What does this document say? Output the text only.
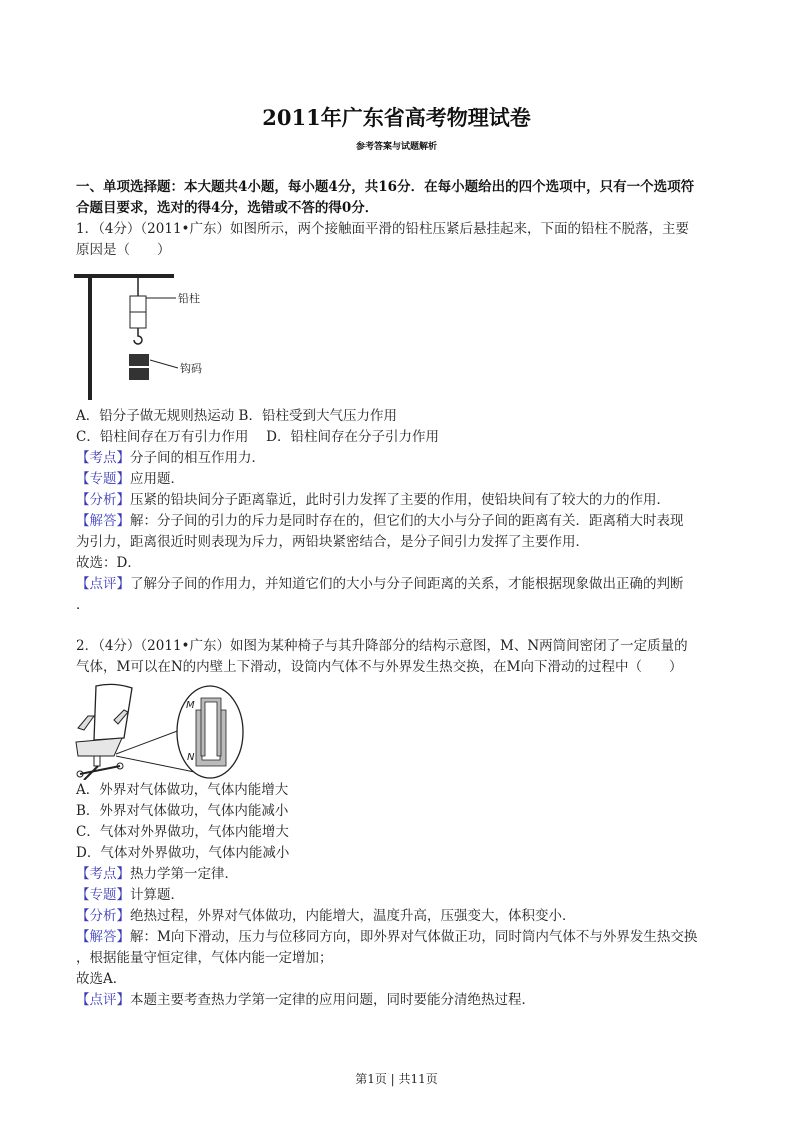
2011年广东省高考物理试卷
参考答案与试题解析
一、单项选择题：本大题共4小题，每小题4分，共16分．在每小题给出的四个选项中，只有一个选项符
合题目要求，选对的得4分，选错或不答的得0分．
1．（4分）（2011•广东）如图所示，两个接触面平滑的铅柱压紧后悬挂起来，下面的铅柱不脱落，主要
原因是（　　）
铅柱
钩码
A．铅分子做无规则热运动 B．铅柱受到大气压力作用
C．铅柱间存在万有引力作用　 D．铅柱间存在分子引力作用
【考点】分子间的相互作用力．
【专题】应用题．
【分析】压紧的铅块间分子距离靠近，此时引力发挥了主要的作用，使铅块间有了较大的力的作用．
【解答】解：分子间的引力的斥力是同时存在的，但它们的大小与分子间的距离有关．距离稍大时表现
为引力，距离很近时则表现为斥力，两铅块紧密结合，是分子间引力发挥了主要作用．
故选：D．
【点评】了解分子间的作用力，并知道它们的大小与分子间距离的关系，才能根据现象做出正确的判断
．
2．（4分）（2011•广东）如图为某种椅子与其升降部分的结构示意图，M、N两筒间密闭了一定质量的
气体，M可以在N的内壁上下滑动，设筒内气体不与外界发生热交换，在M向下滑动的过程中（　　）
M
N
A．外界对气体做功，气体内能增大
B．外界对气体做功，气体内能减小
C．气体对外界做功，气体内能增大
D．气体对外界做功，气体内能减小
【考点】热力学第一定律．
【专题】计算题．
【分析】绝热过程，外界对气体做功，内能增大，温度升高，压强变大，体积变小．
【解答】解：M向下滑动，压力与位移同方向，即外界对气体做正功，同时筒内气体不与外界发生热交换
，根据能量守恒定律，气体内能一定增加；
故选A．
【点评】本题主要考查热力学第一定律的应用问题，同时要能分清绝热过程．
第1页 | 共11页
